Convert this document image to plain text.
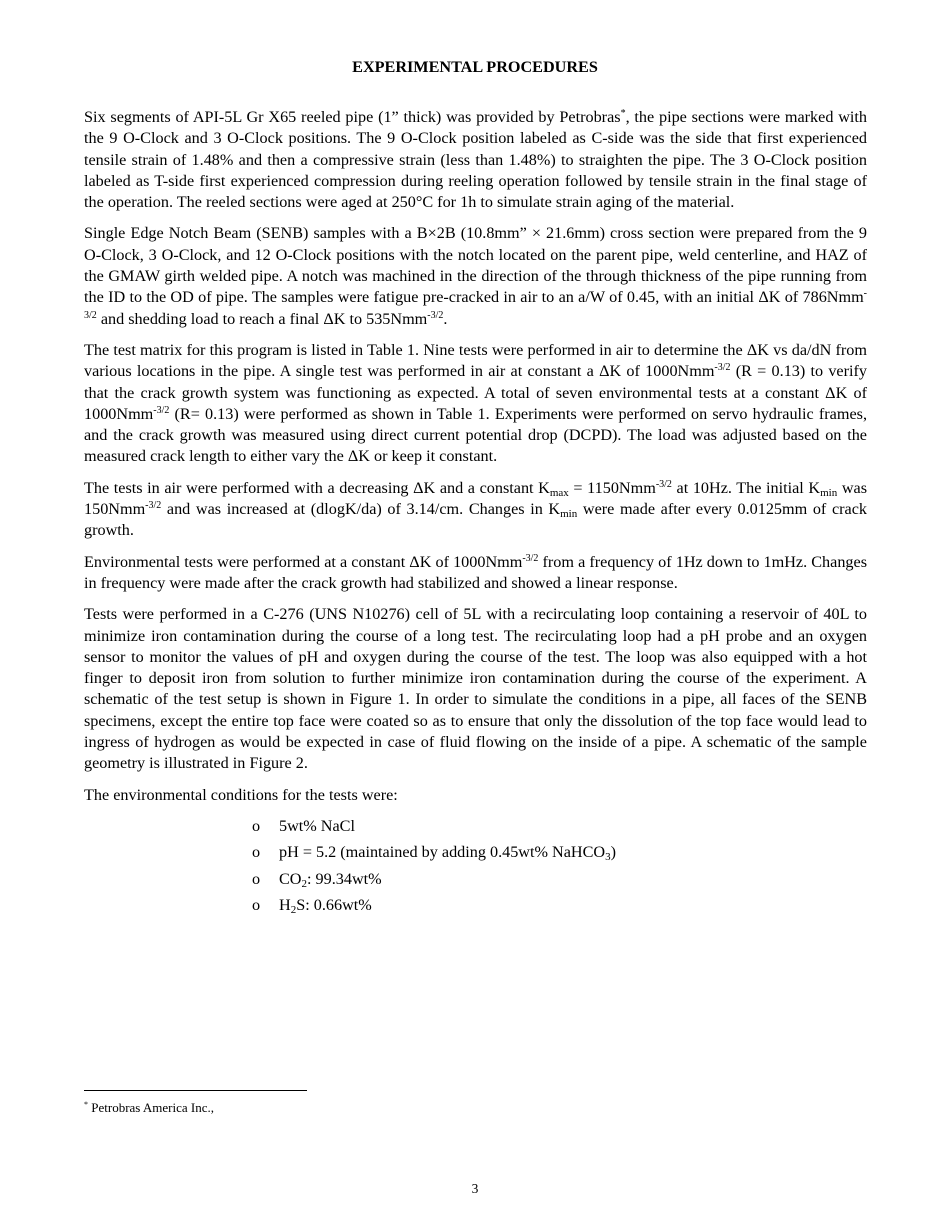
EXPERIMENTAL PROCEDURES

Six segments of API-5L Gr X65 reeled pipe (1” thick) was provided by Petrobras*, the pipe sections were marked with the 9 O-Clock and 3 O-Clock positions. The 9 O-Clock position labeled as C-side was the side that first experienced tensile strain of 1.48% and then a compressive strain (less than 1.48%) to straighten the pipe. The 3 O-Clock position labeled as T-side first experienced compression during reeling operation followed by tensile strain in the final stage of the operation. The reeled sections were aged at 250°C for 1h to simulate strain aging of the material.

Single Edge Notch Beam (SENB) samples with a B×2B (10.8mm” × 21.6mm) cross section were prepared from the 9 O-Clock, 3 O-Clock, and 12 O-Clock positions with the notch located on the parent pipe, weld centerline, and HAZ of the GMAW girth welded pipe. A notch was machined in the direction of the through thickness of the pipe running from the ID to the OD of pipe. The samples were fatigue pre-cracked in air to an a/W of 0.45, with an initial ΔK of 786Nmm$^{-3/2}$ and shedding load to reach a final ΔK to 535Nmm$^{-3/2}$.

The test matrix for this program is listed in Table 1. Nine tests were performed in air to determine the ΔK vs da/dN from various locations in the pipe. A single test was performed in air at constant a ΔK of 1000Nmm$^{-3/2}$ (R = 0.13) to verify that the crack growth system was functioning as expected. A total of seven environmental tests at a constant ΔK of 1000Nmm$^{-3/2}$ (R= 0.13) were performed as shown in Table 1. Experiments were performed on servo hydraulic frames, and the crack growth was measured using direct current potential drop (DCPD). The load was adjusted based on the measured crack length to either vary the ΔK or keep it constant.

The tests in air were performed with a decreasing ΔK and a constant $K_{max} = 1150Nmm^{-3/2}$ at 10Hz. The initial $K_{min}$ was 150Nmm$^{-3/2}$ and was increased at (dlogK/da) of 3.14/cm. Changes in $K_{min}$ were made after every 0.0125mm of crack growth.

Environmental tests were performed at a constant ΔK of 1000Nmm$^{-3/2}$ from a frequency of 1Hz down to 1mHz. Changes in frequency were made after the crack growth had stabilized and showed a linear response.

Tests were performed in a C-276 (UNS N10276) cell of 5L with a recirculating loop containing a reservoir of 40L to minimize iron contamination during the course of a long test. The recirculating loop had a pH probe and an oxygen sensor to monitor the values of pH and oxygen during the course of the test. The loop was also equipped with a hot finger to deposit iron from solution to further minimize iron contamination during the course of the experiment. A schematic of the test setup is shown in Figure 1. In order to simulate the conditions in a pipe, all faces of the SENB specimens, except the entire top face were coated so as to ensure that only the dissolution of the top face would lead to ingress of hydrogen as would be expected in case of fluid flowing on the inside of a pipe. A schematic of the sample geometry is illustrated in Figure 2.

The environmental conditions for the tests were:

o 5wt% NaCl
o pH = 5.2 (maintained by adding 0.45wt% NaHCO$_3$)
o $CO_2$: 99.34wt%
o $H_2S$: 0.66wt%
* Petrobras America Inc.,
3
